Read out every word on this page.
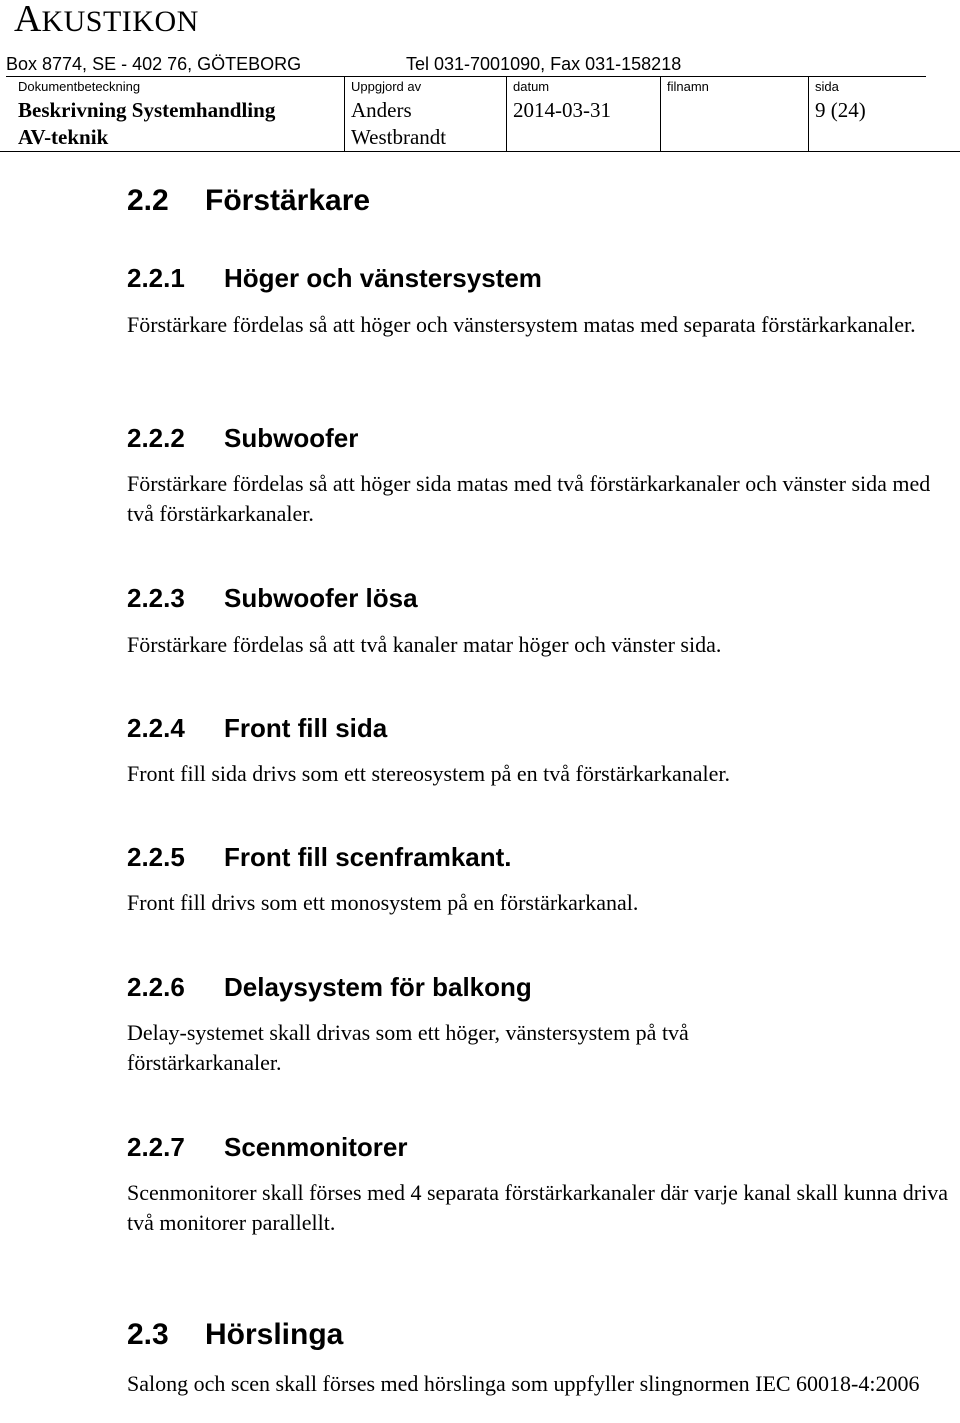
AKUSTIKON
Box 8774, SE - 402 76, GÖTEBORG	Tel 031-7001090, Fax 031-158218
Dokumentbeteckning
Beskrivning Systemhandling
AV-teknik
Uppgjord av
Anders
Westbrandt
datum
2014-03-31
filnamn	sida
9 (24)
2.2 Förstärkare
2.2.1 Höger och vänstersystem

Förstärkare fördelas så att höger och vänstersystem matas med separata förstärkarkanaler.

2.2.2 Subwoofer

Förstärkare fördelas så att höger sida matas med två förstärkarkanaler och vänster sida med två förstärkarkanaler.

2.2.3 Subwoofer lösa

Förstärkare fördelas så att två kanaler matar höger och vänster sida.

2.2.4 Front fill sida

Front fill sida drivs som ett stereosystem på en två förstärkarkanaler.

2.2.5 Front fill scenframkant.

Front fill drivs som ett monosystem på en förstärkarkanal.

2.2.6 Delaysystem för balkong

Delay-systemet skall drivas som ett höger, vänstersystem på två förstärkarkanaler.

2.2.7 Scenmonitorer

Scenmonitorer skall förses med 4 separata förstärkarkanaler där varje kanal skall kunna driva två monitorer parallellt.

2.3 Hörslinga

Salong och scen skall förses med hörslinga som uppfyller slingnormen IEC 60018-4:2006
